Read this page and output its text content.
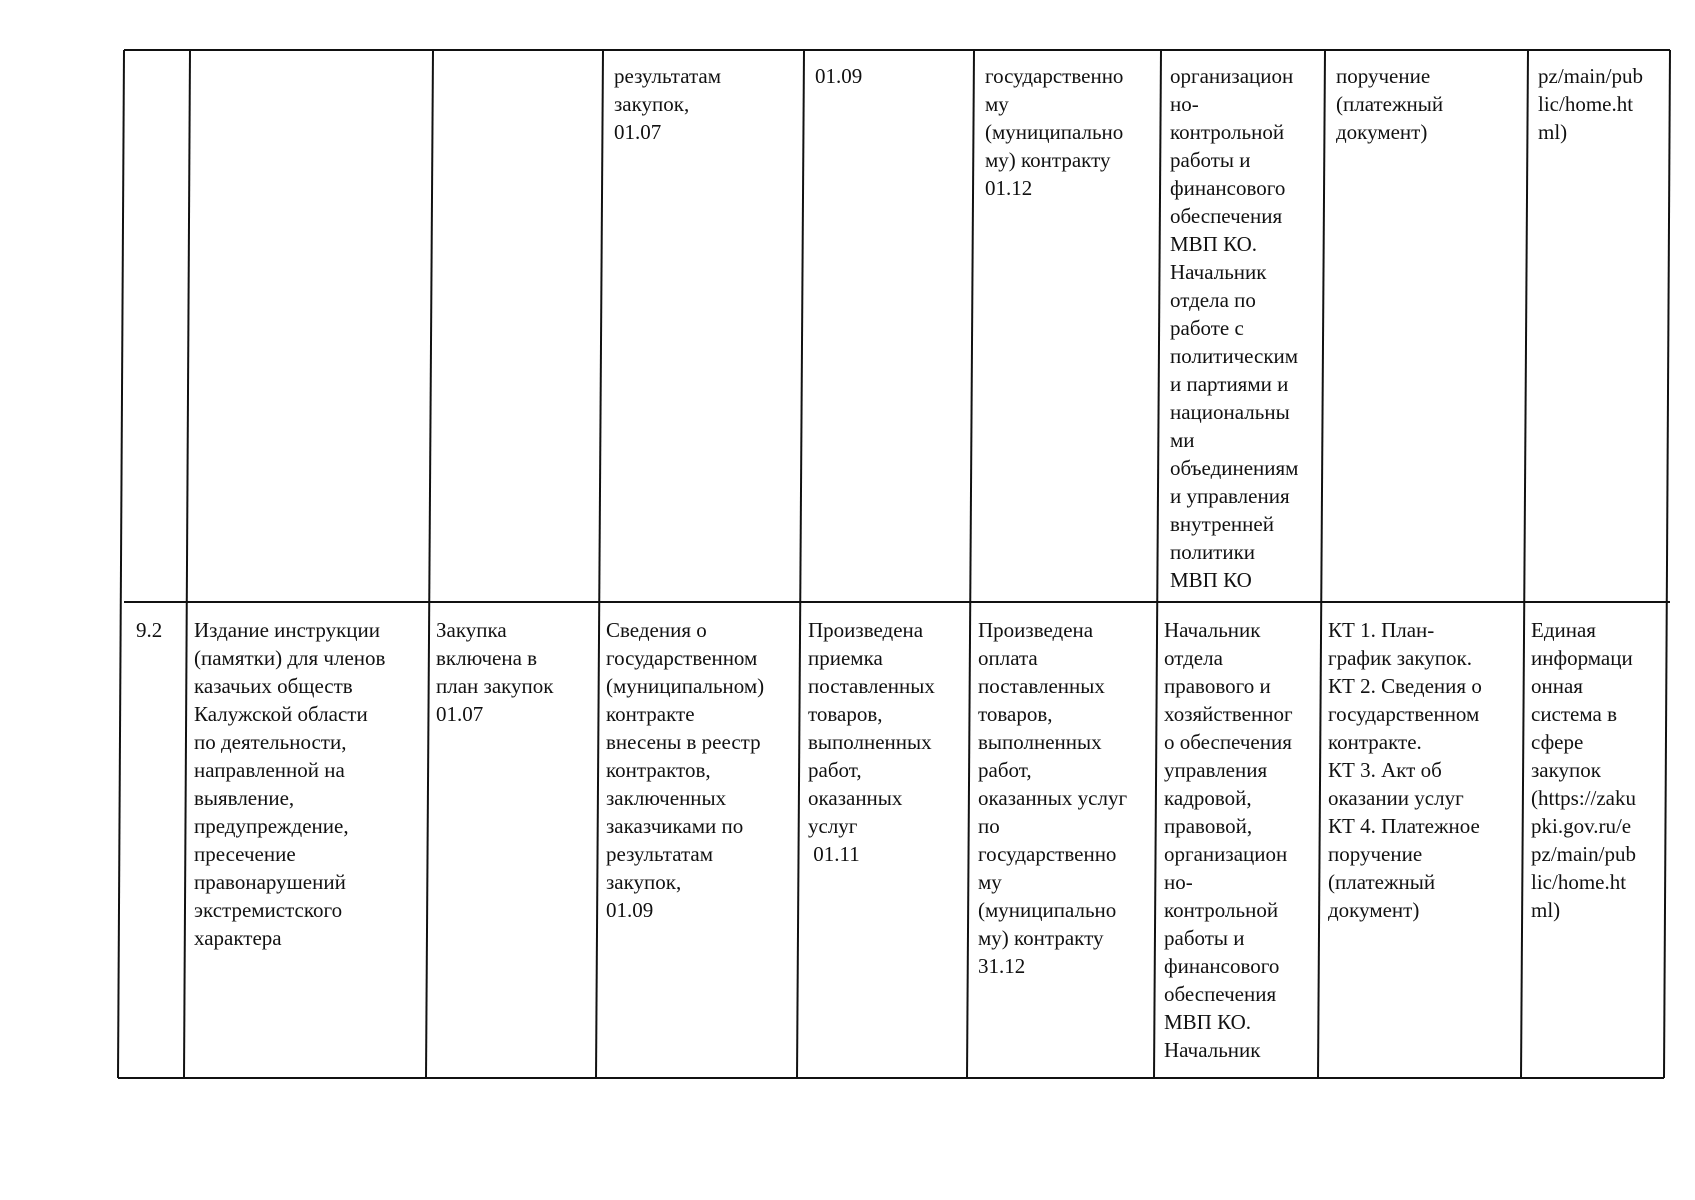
результатам
закупок,
01.07
01.09	государственно
му
(муниципально
му) контракту
01.12
организацион
но-
контрольной
работы и
финансового
обеспечения
МВП КО.
Начальник
отдела по
работе с
политическим
и партиями и
национальны
ми
объединениям
и управления
внутренней
политики
МВП КО
поручение
(платежный
документ)
pz/main/pub
lic/home.ht
ml)
9.2	Издание инструкции
(памятки) для членов
казачьих обществ
Калужской области
по деятельности,
направленной на
выявление,
предупреждение,
пресечение
правонарушений
экстремистского
характера
Закупка
включена в
план закупок
01.07
Сведения о
государственном
(муниципальном)
контракте
внесены в реестр
контрактов,
заключенных
заказчиками по
результатам
закупок,
01.09
Произведена
приемка
поставленных
товаров,
выполненных
работ,
оказанных
услуг
01.11
Произведена
оплата
поставленных
товаров,
выполненных
работ,
оказанных услуг
по
государственно
му
(муниципально
му) контракту
31.12
Начальник
отдела
правового и
хозяйственног
о обеспечения
управления
кадровой,
правовой,
организацион
но-
контрольной
работы и
финансового
обеспечения
МВП КО.
Начальник
КТ 1. План-
график закупок.
КТ 2. Сведения о
государственном
контракте.
КТ 3. Акт об
оказании услуг
КТ 4. Платежное
поручение
(платежный
документ)
Единая
информаци
онная
система в
сфере
закупок
(https://zaku
pki.gov.ru/e
pz/main/pub
lic/home.ht
ml)
